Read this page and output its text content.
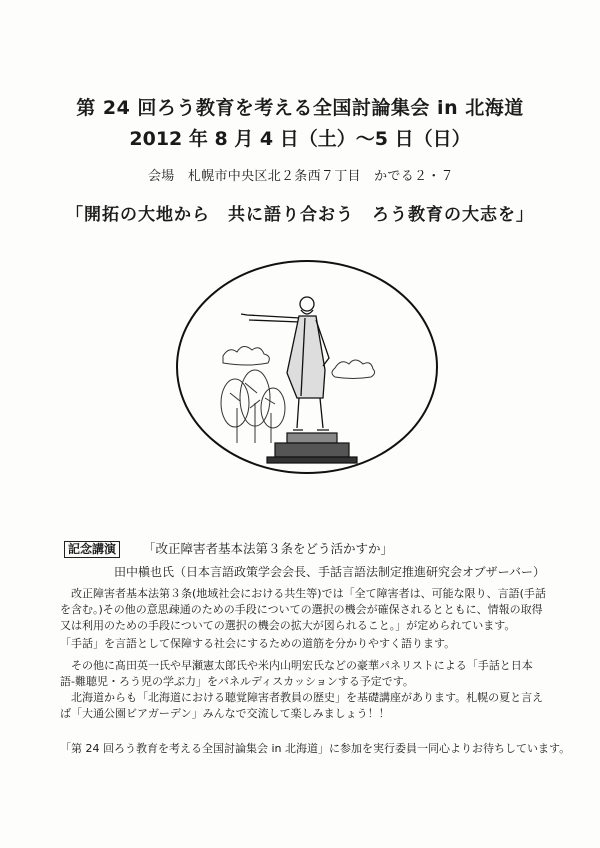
第 24 回ろう教育を考える全国討論集会 in 北海道
2012 年 8 月 4 日（土）～5 日（日）
会場　札幌市中央区北２条西７丁目　かでる２・７
「開拓の大地から　共に語り合おう　ろう教育の大志を」
記念講演	「改正障害者基本法第３条をどう活かすか」
田中槇也氏（日本言語政策学会会長、手話言語法制定推進研究会オブザーバー）
改正障害者基本法第３条(地域社会における共生等)では「全て障害者は、可能な限り、言語(手話を含む。)その他の意思疎通のための手段についての選択の機会が確保されるとともに、情報の取得又は利用のための手段についての選択の機会の拡大が図られること。」が定められています。
「手話」を言語として保障する社会にするための道筋を分かりやすく語ります。
その他に髙田英一氏や早瀬憲太郎氏や米内山明宏氏などの豪華パネリストによる「手話と日本語-難聴児・ろう児の学ぶ力」をパネルディスカッションする予定です。
北海道からも「北海道における聴覚障害者教員の歴史」を基礎講座があります。札幌の夏と言えば「大通公園ビアガーデン」みんなで交流して楽しみましょう！！
「第 24 回ろう教育を考える全国討論集会 in 北海道」に参加を実行委員一同心よりお待ちしています。
